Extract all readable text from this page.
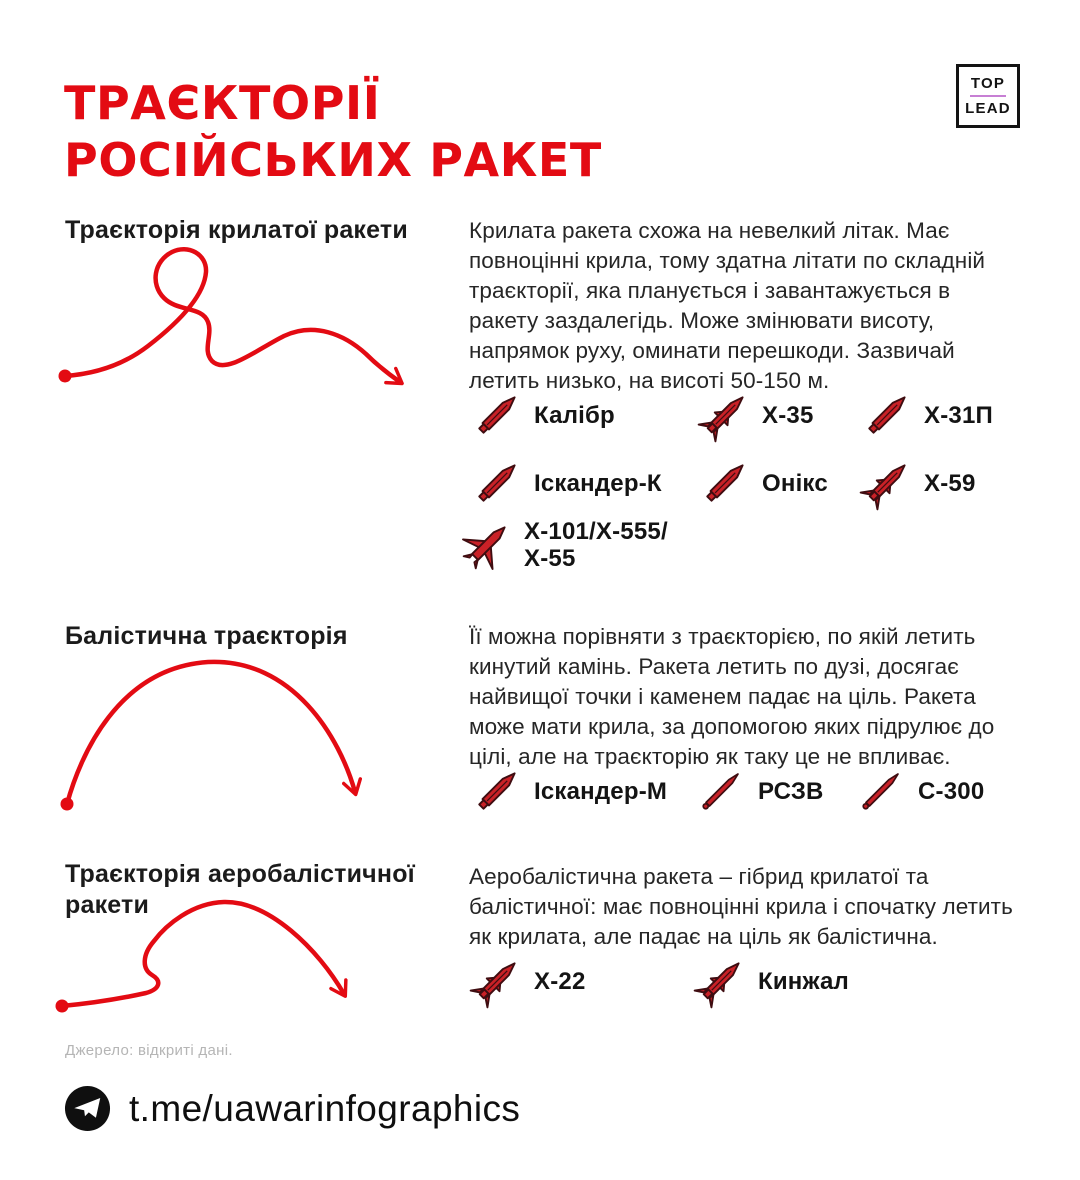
ТРАЄКТОРІЇ
РОСІЙСЬКИХ РАКЕТ
TOP
LEAD
Траєкторія крилатої ракети	Крилата ракета схожа на невелкий літак. Має повноцінні крила, тому здатна літати по складній траєкторії, яка планується і завантажується в ракету заздалегідь. Може змінювати висоту, напрямок руху, оминати перешкоди. Зазвичай летить низько, на висоті 50-150 м.

Калібр	Х-35	Х-31П
Іскандер-К	Онікс	Х-59
Х-101/Х-555/Х-55
Балістична траєкторія	Її можна порівняти з траєкторією, по якій летить кинутий камінь. Ракета летить по дузі, досягає найвищої точки і каменем падає на ціль. Ракета може мати крила, за допомогою яких підрулює до цілі, але на траєкторію як таку це не впливає.

Іскандер-М	РСЗВ	С-300
Траєкторія аеробалістичної ракети

Аеробалістична ракета – гібрид крилатої та балістичної: має повноцінні крила і спочатку летить як крилата, але падає на ціль як балістична.

Х-22	Кинжал
Джерело: відкриті дані.
t.me/uawarinfographics
